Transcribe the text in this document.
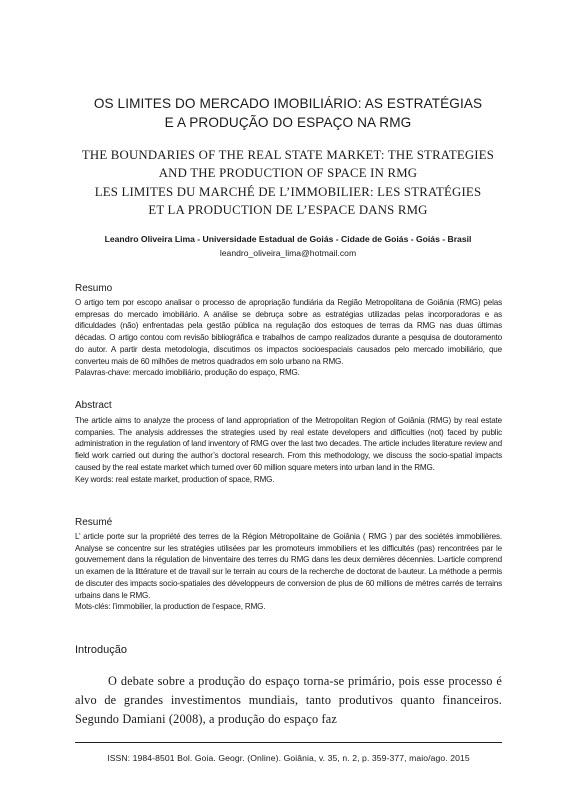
OS LIMITES DO MERCADO IMOBILIÁRIO: AS ESTRATÉGIAS
E A PRODUÇÃO DO ESPAÇO NA RMG
THE BOUNDARIES OF THE REAL STATE MARKET: THE STRATEGIES
AND THE PRODUCTION OF SPACE IN RMG
LES LIMITES DU MARCHÉ DE L’IMMOBILIER: LES STRATÉGIES
ET LA PRODUCTION DE L’ESPACE DANS RMG
Leandro Oliveira Lima - Universidade Estadual de Goiás - Cidade de Goiás - Goiás - Brasil
leandro_oliveira_lima@hotmail.com
Resumo
O artigo tem por escopo analisar o processo de apropriação fundiária da Região Metropolitana de Goiânia (RMG) pelas empresas do mercado imobiliário. A análise se debruça sobre as estratégias utilizadas pelas incorporadoras e as dificuldades (não) enfrentadas pela gestão pública na regulação dos estoques de terras da RMG nas duas últimas décadas. O artigo contou com revisão bibliográfica e trabalhos de campo realizados durante a pesquisa de doutoramento do autor. A partir desta metodologia, discutimos os impactos socioespaciais causados pelo mercado imobiliário, que converteu mais de 60 milhões de metros quadrados em solo urbano na RMG.
Palavras-chave: mercado imobiliário, produção do espaço, RMG.
Abstract
The article aims to analyze the process of land appropriation of the Metropolitan Region of Goiânia (RMG) by real estate companies. The analysis addresses the strategies used by real estate developers and difficulties (not) faced by public administration in the regulation of land inventory of RMG over the last two decades. The article includes literature review and field work carried out during the author’s doctoral research. From this methodology, we discuss the socio-spatial impacts caused by the real estate market which turned over 60 million square meters into urban land in the RMG.
Key words: real estate market, production of space, RMG.
Resumé
L’ article porte sur la propriété des terres de la Région Métropolitaine de Goiânia ( RMG ) par des sociétés immobilières. Analyse se concentre sur les stratégies utilisées par les promoteurs immobiliers et les difficultés (pas) rencontrées par le gouvernement dans la régulation de l›inventaire des terres du RMG dans les deux dernières décennies. L›article comprend un examen de la littérature et de travail sur le terrain au cours de la recherche de doctorat de l›auteur. La méthode a permis de discuter des impacts socio-spatiales des développeurs de conversion de plus de 60 millions de mètres carrés de terrains urbains dans le RMG.
Mots-clés: l’immobilier, la production de l’espace, RMG.
Introdução
O debate sobre a produção do espaço torna-se primário, pois esse processo é alvo de grandes investimentos mundiais, tanto produtivos quanto financeiros. Segundo Damiani (2008), a produção do espaço faz
ISSN: 1984-8501 Bol. Goia. Geogr. (Online). Goiânia, v. 35, n. 2, p. 359-377, maio/ago. 2015
